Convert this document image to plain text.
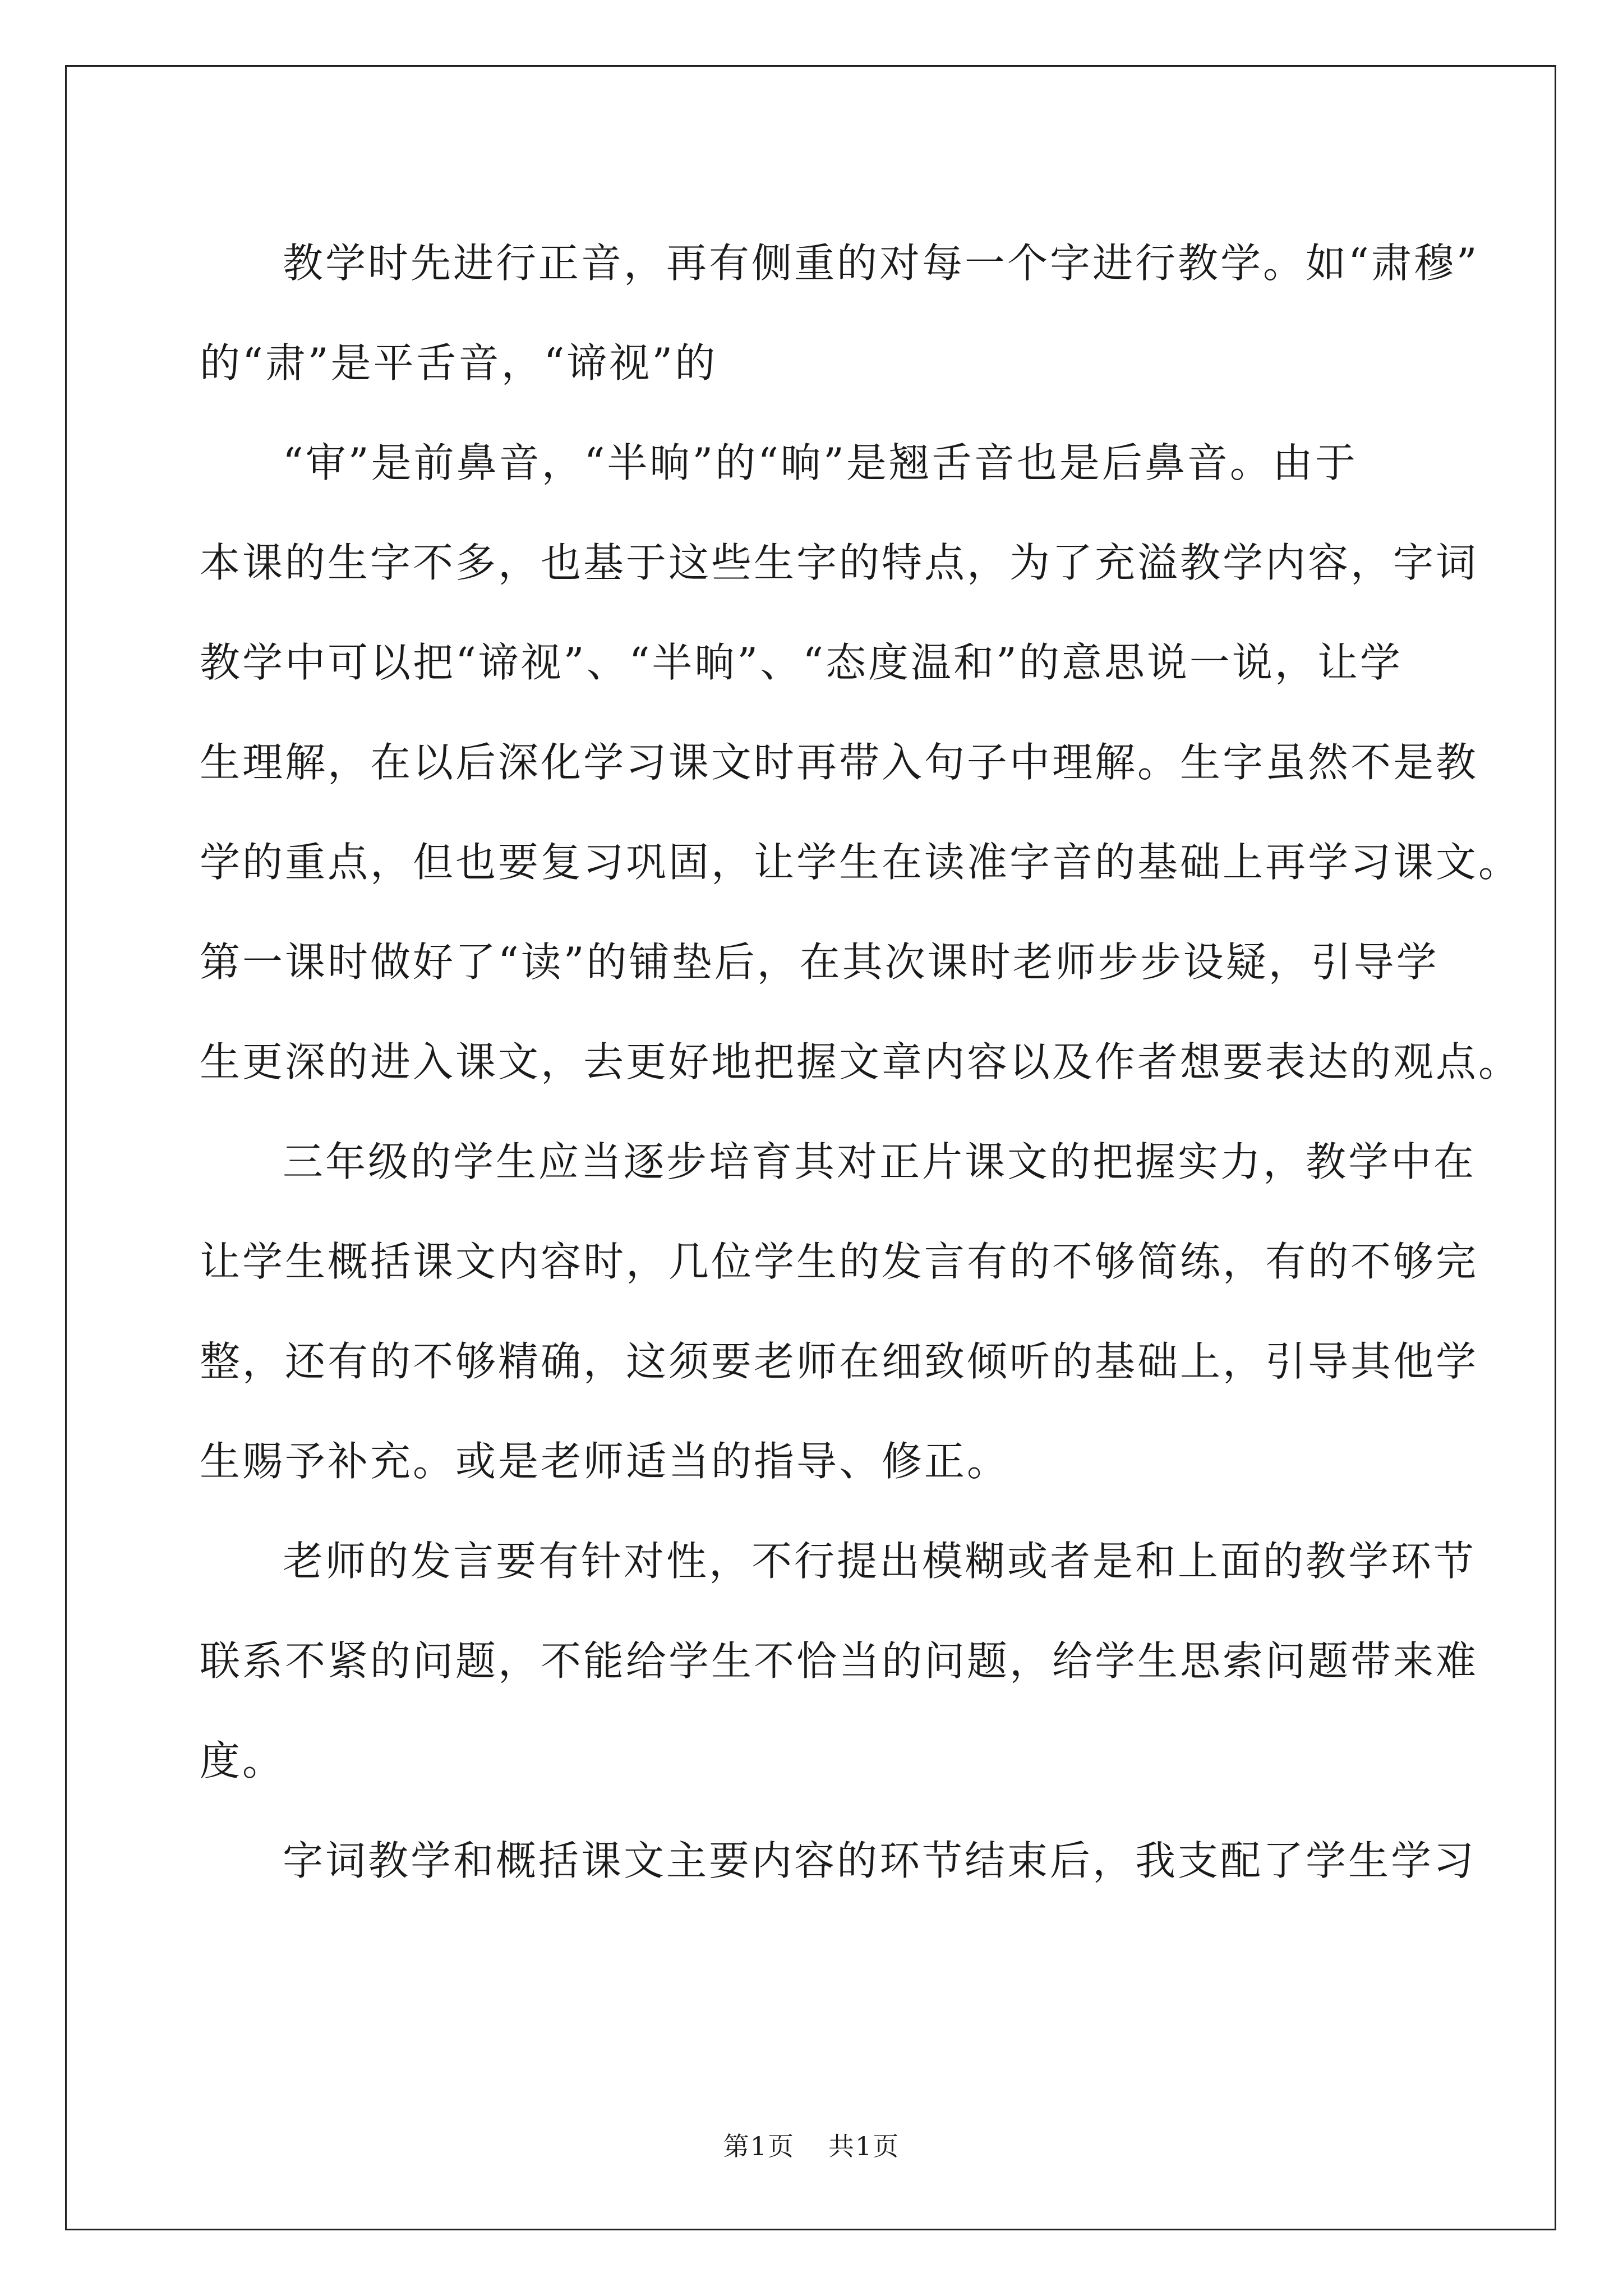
教学时先进行正音，再有侧重的对每一个字进行教学。如“肃穆”
的“肃”是平舌音，“谛视”的
“审”是前鼻音，“半晌”的“晌”是翘舌音也是后鼻音。由于
本课的生字不多，也基于这些生字的特点，为了充溢教学内容，字词
教学中可以把“谛视”、“半晌”、“态度温和”的意思说一说，让学
生理解，在以后深化学习课文时再带入句子中理解。生字虽然不是教
学的重点，但也要复习巩固，让学生在读准字音的基础上再学习课文。
第一课时做好了“读”的铺垫后，在其次课时老师步步设疑，引导学
生更深的进入课文，去更好地把握文章内容以及作者想要表达的观点。
三年级的学生应当逐步培育其对正片课文的把握实力，教学中在
让学生概括课文内容时，几位学生的发言有的不够简练，有的不够完
整，还有的不够精确，这须要老师在细致倾听的基础上，引导其他学
生赐予补充。或是老师适当的指导、修正。
老师的发言要有针对性，不行提出模糊或者是和上面的教学环节
联系不紧的问题，不能给学生不恰当的问题，给学生思索问题带来难
度。
字词教学和概括课文主要内容的环节结束后，我支配了学生学习
第1页 共1页
